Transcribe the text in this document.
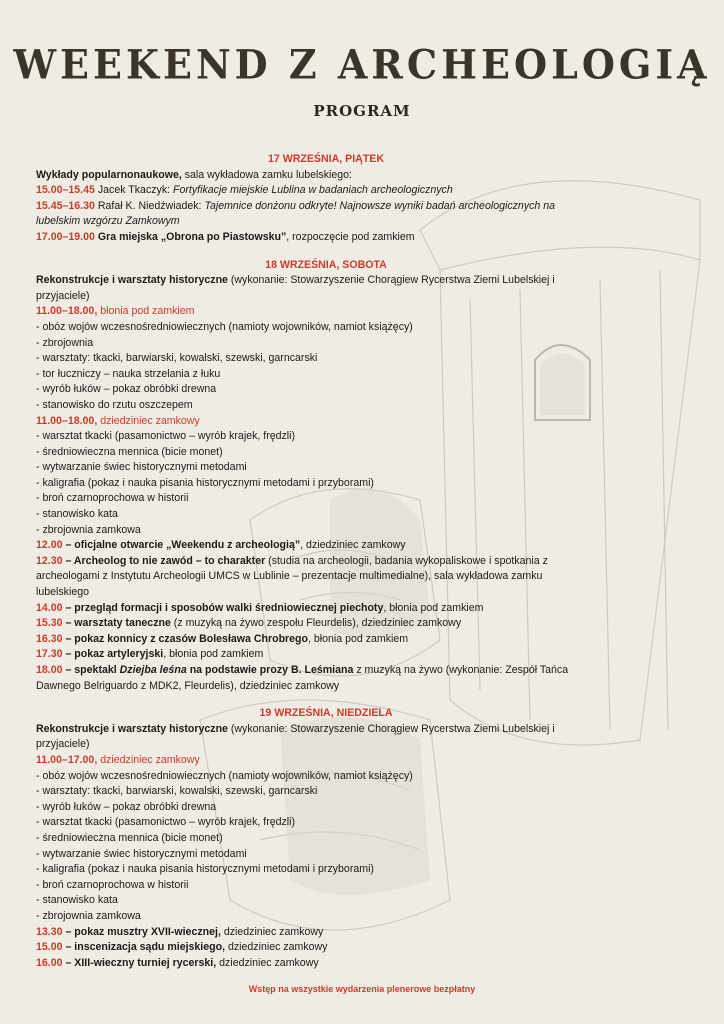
WEEKEND Z ARCHEOLOGIĄ
PROGRAM
17 WRZEŚNIA, PIĄTEK
Wykłady popularnonaukowe, sala wykładowa zamku lubelskiego:
15.00–15.45 Jacek Tkaczyk: Fortyfikacje miejskie Lublina w badaniach archeologicznych
15.45–16.30 Rafał K. Niedźwiadek: Tajemnice donżonu odkryte! Najnowsze wyniki badań archeologicznych na lubelskim wzgórzu Zamkowym
17.00–19.00 Gra miejska „Obrona po Piastowsku”, rozpoczęcie pod zamkiem
18 WRZEŚNIA, SOBOTA
Rekonstrukcje i warsztaty historyczne (wykonanie: Stowarzyszenie Chorągiew Rycerstwa Ziemi Lubelskiej i przyjaciele)
11.00–18.00, błonia pod zamkiem
- obóz wojów wczesnośredniowiecznych (namioty wojowników, namiot książęcy)
- zbrojownia
- warsztaty: tkacki, barwiarski, kowalski, szewski, garncarski
- tor łuczniczy – nauka strzelania z łuku
- wyrób łuków – pokaz obróbki drewna
- stanowisko do rzutu oszczepem
11.00–18.00, dziedziniec zamkowy
- warsztat tkacki (pasamonictwo – wyrób krajek, frędzli)
- średniowieczna mennica (bicie monet)
- wytwarzanie świec historycznymi metodami
- kaligrafia (pokaz i nauka pisania historycznymi metodami i przyborami)
- broń czarnoprochowa w historii
- stanowisko kata
- zbrojownia zamkowa
12.00 – oficjalne otwarcie „Weekendu z archeologią”, dziedziniec zamkowy
12.30 – Archeolog to nie zawód – to charakter (studia na archeologii, badania wykopaliskowe i spotkania z archeologami z Instytutu Archeologii UMCS w Lublinie – prezentacje multimedialne), sala wykładowa zamku lubelskiego
14.00 – przegląd formacji i sposobów walki średniowiecznej piechoty, błonia pod zamkiem
15.30 – warsztaty taneczne (z muzyką na żywo zespołu Fleurdelis), dziedziniec zamkowy
16.30 – pokaz konnicy z czasów Bolesława Chrobrego, błonia pod zamkiem
17.30 – pokaz artyleryjski, błonia pod zamkiem
18.00 – spektakl Dziejba leśna na podstawie prozy B. Leśmiana z muzyką na żywo (wykonanie: Zespół Tańca Dawnego Belriguardo z MDK2, Fleurdelis), dziedziniec zamkowy
19 WRZEŚNIA, NIEDZIELA
Rekonstrukcje i warsztaty historyczne (wykonanie: Stowarzyszenie Chorągiew Rycerstwa Ziemi Lubelskiej i przyjaciele)
11.00–17.00, dziedziniec zamkowy
- obóz wojów wczesnośredniowiecznych (namioty wojowników, namiot książęcy)
- warsztaty: tkacki, barwiarski, kowalski, szewski, garncarski
- wyrób łuków – pokaz obróbki drewna
- warsztat tkacki (pasamonictwo – wyrób krajek, frędzli)
- średniowieczna mennica (bicie monet)
- wytwarzanie świec historycznymi metodami
- kaligrafia (pokaz i nauka pisania historycznymi metodami i przyborami)
- broń czarnoprochowa w historii
- stanowisko kata
- zbrojownia zamkowa
13.30 – pokaz musztry XVII-wiecznej, dziedziniec zamkowy
15.00 – inscenizacja sądu miejskiego, dziedziniec zamkowy
16.00 – XIII-wieczny turniej rycerski, dziedziniec zamkowy
Wstęp na wszystkie wydarzenia plenerowe bezpłatny
